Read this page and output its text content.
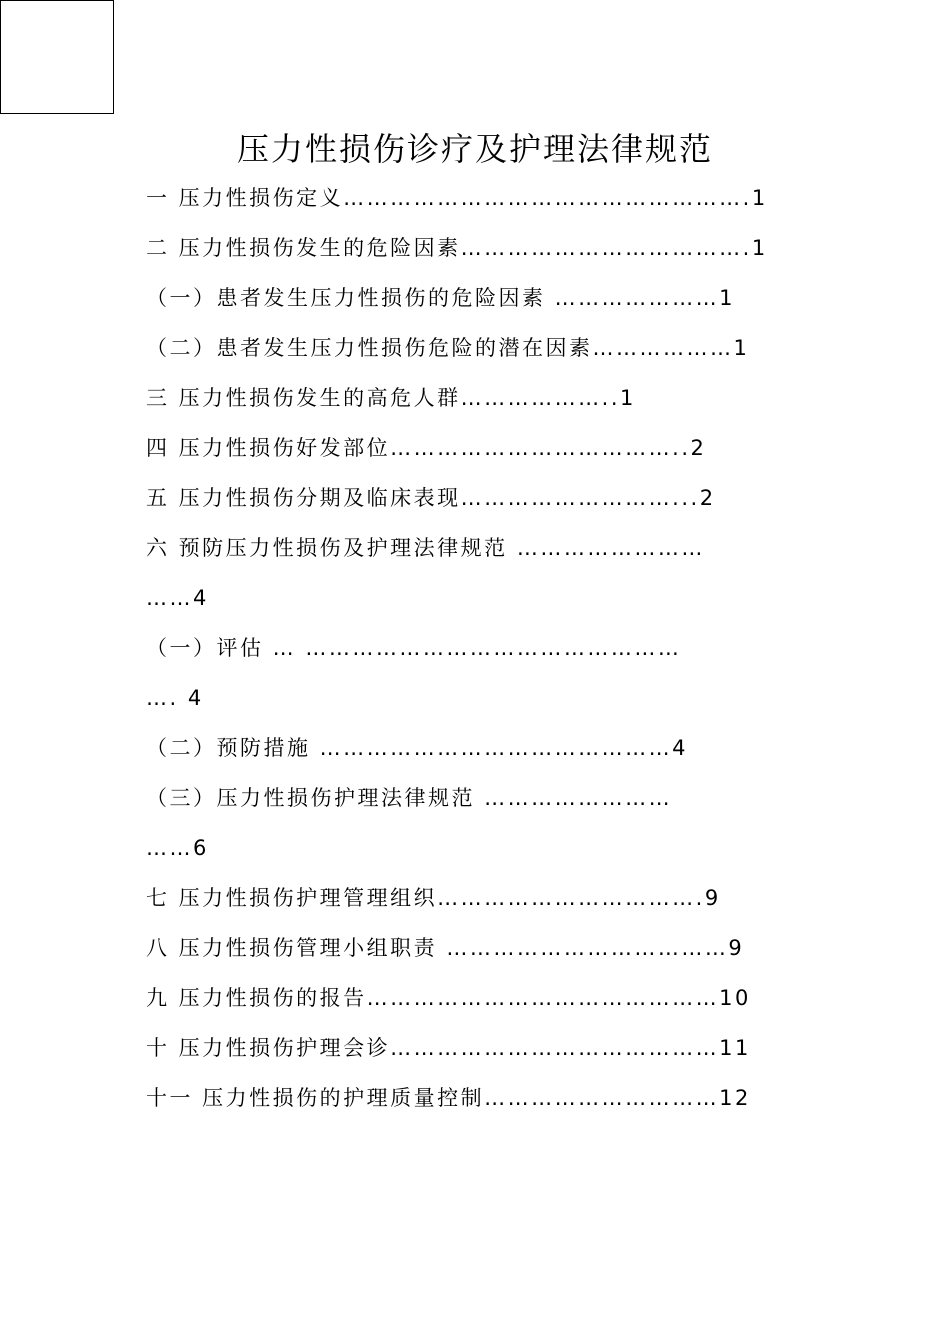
压力性损伤诊疗及护理法律规范
一 压力性损伤定义…………………………………………….1
二 压力性损伤发生的危险因素……………………………….1
（一）患者发生压力性损伤的危险因素 …………………1
（二）患者发生压力性损伤危险的潜在因素………………1
三 压力性损伤发生的高危人群………………..1
四 压力性损伤好发部位………………………………..2
五 压力性损伤分期及临床表现………………………...2
六 预防压力性损伤及护理法律规范 ……………………
……4
（一）评估 … …………………………………………
…. 4
（二）预防措施 ………………………………………4
（三）压力性损伤护理法律规范 ……………………
……6
七 压力性损伤护理管理组织…………………………….9
八 压力性损伤管理小组职责 ………………………………9
九 压力性损伤的报告………………………………………10
十 压力性损伤护理会诊……………………………………11
十一 压力性损伤的护理质量控制…………………………12
